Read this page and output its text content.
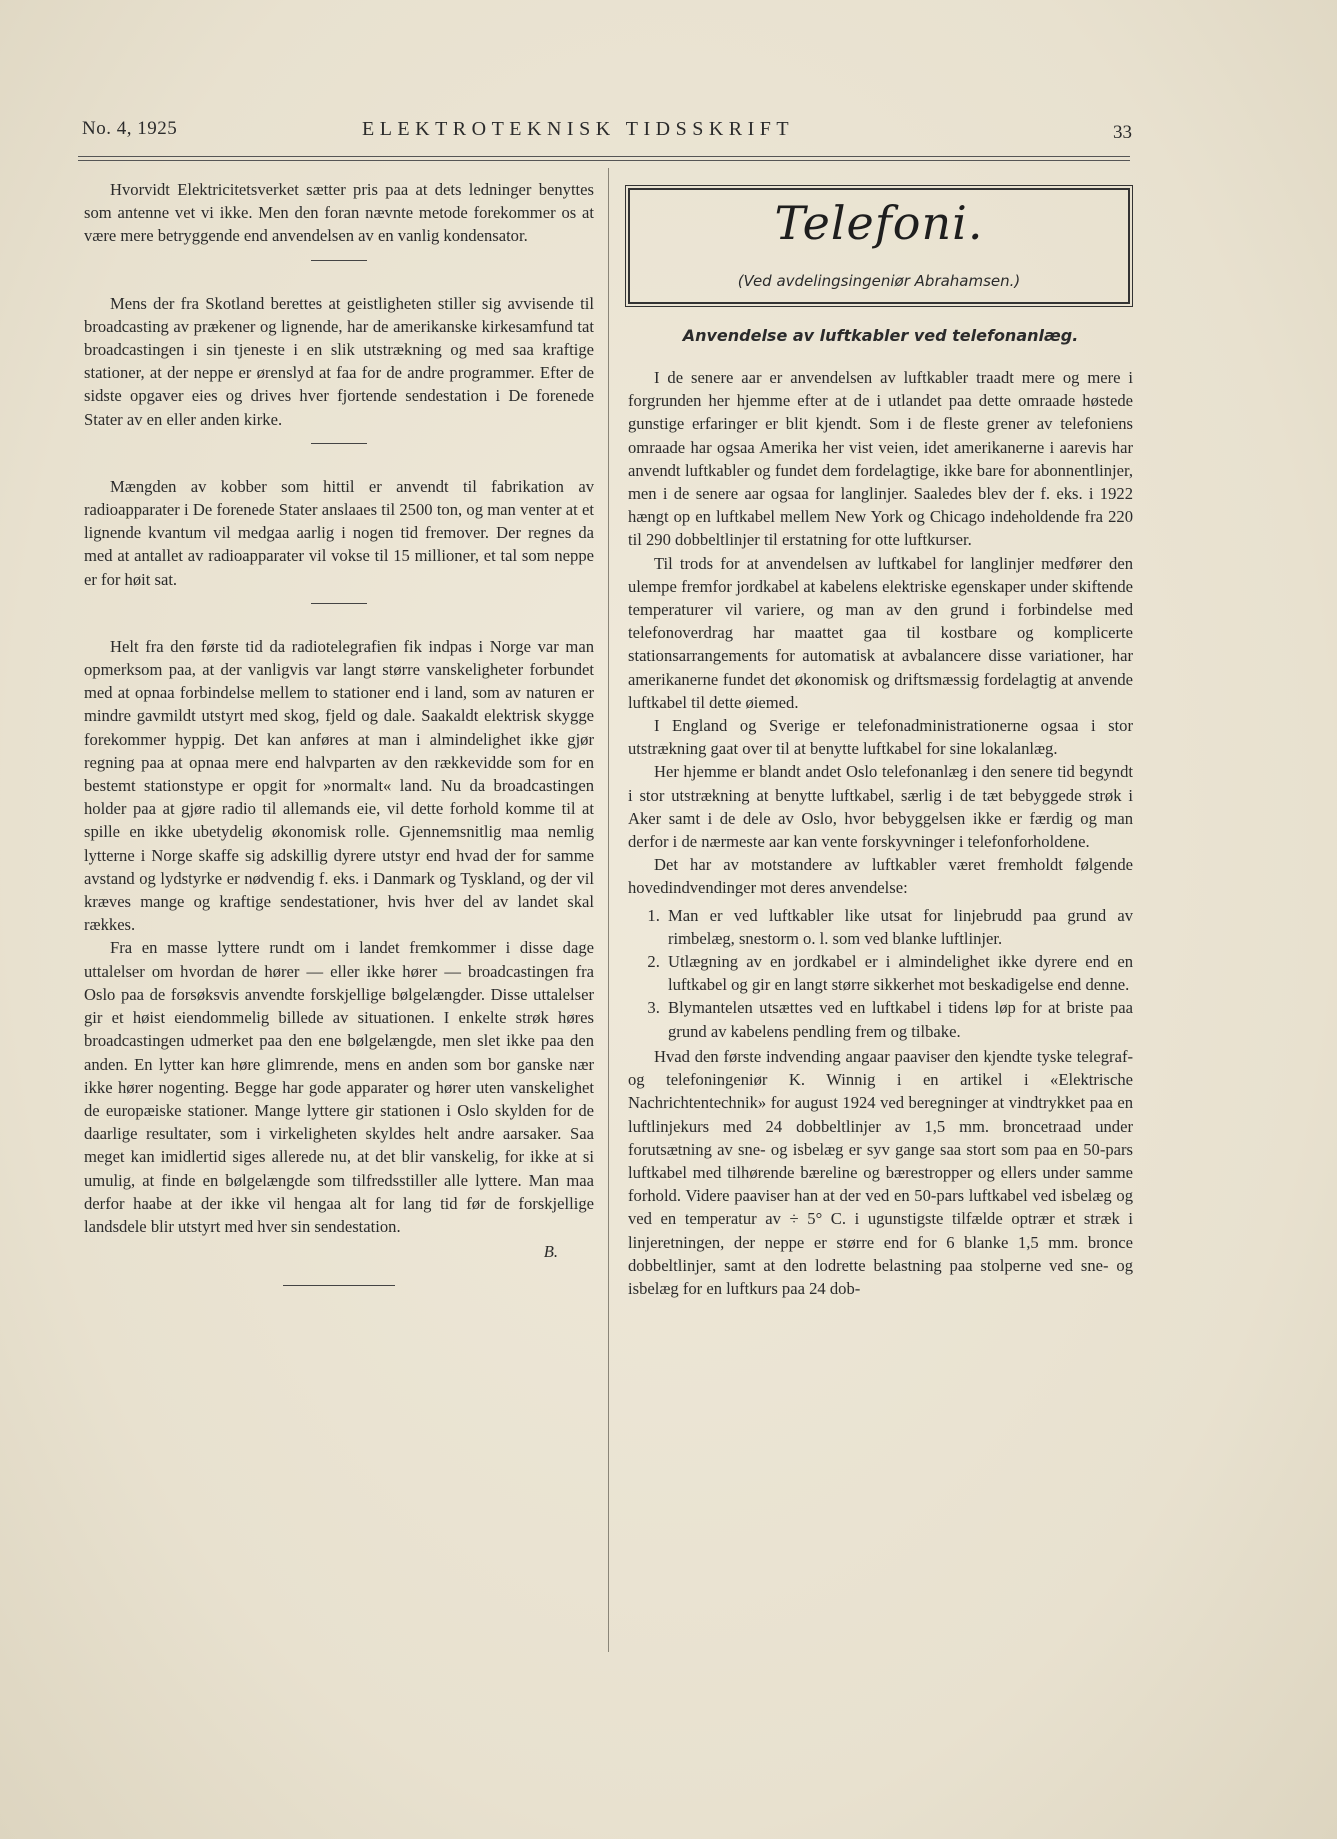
No. 4, 1925	ELEKTROTEKNISK TIDSSKRIFT	33

Hvorvidt Elektricitetsverket sætter pris paa at dets ledninger benyttes som antenne vet vi ikke. Men den foran nævnte metode forekommer os at være mere betryggende end anvendelsen av en vanlig kondensator.

Mens der fra Skotland berettes at geistligheten stiller sig avvisende til broadcasting av prækener og lignende, har de amerikanske kirkesamfund tat broadcastingen i sin tjeneste i en slik utstrækning og med saa kraftige stationer, at der neppe er ørenslyd at faa for de andre programmer. Efter de sidste opgaver eies og drives hver fjortende sendestation i De forenede Stater av en eller anden kirke.

Mængden av kobber som hittil er anvendt til fabrikation av radioapparater i De forenede Stater anslaaes til 2500 ton, og man venter at et lignende kvantum vil medgaa aarlig i nogen tid fremover. Der regnes da med at antallet av radioapparater vil vokse til 15 millioner, et tal som neppe er for høit sat.

Helt fra den første tid da radiotelegrafien fik indpas i Norge var man opmerksom paa, at der vanligvis var langt større vanskeligheter forbundet med at opnaa forbindelse mellem to stationer end i land, som av naturen er mindre gavmildt utstyrt med skog, fjeld og dale. Saakaldt elektrisk skygge forekommer hyppig. Det kan anføres at man i almindelighet ikke gjør regning paa at opnaa mere end halvparten av den rækkevidde som for en bestemt stationstype er opgit for »normalt« land. Nu da broadcastingen holder paa at gjøre radio til allemands eie, vil dette forhold komme til at spille en ikke ubetydelig økonomisk rolle. Gjennemsnitlig maa nemlig lytterne i Norge skaffe sig adskillig dyrere utstyr end hvad der for samme avstand og lydstyrke er nødvendig f. eks. i Danmark og Tyskland, og der vil kræves mange og kraftige sendestationer, hvis hver del av landet skal rækkes.

Fra en masse lyttere rundt om i landet fremkommer i disse dage uttalelser om hvordan de hører — eller ikke hører — broadcastingen fra Oslo paa de forsøksvis anvendte forskjellige bølgelængder. Disse uttalelser gir et høist eiendommelig billede av situationen. I enkelte strøk høres broadcastingen udmerket paa den ene bølgelængde, men slet ikke paa den anden. En lytter kan høre glimrende, mens en anden som bor ganske nær ikke hører nogenting. Begge har gode apparater og hører uten vanskelighet de europæiske stationer. Mange lyttere gir stationen i Oslo skylden for de daarlige resultater, som i virkeligheten skyldes helt andre aarsaker. Saa meget kan imidlertid siges allerede nu, at det blir vanskelig, for ikke at si umulig, at finde en bølgelængde som tilfredsstiller alle lyttere. Man maa derfor haabe at der ikke vil hengaa alt for lang tid før de forskjellige landsdele blir utstyrt med hver sin sendestation.

B.
Telefoni.
(Ved avdelingsingeniør Abrahamsen.)
Anvendelse av luftkabler ved telefonanlæg.

I de senere aar er anvendelsen av luftkabler traadt mere og mere i forgrunden her hjemme efter at de i utlandet paa dette omraade høstede gunstige erfaringer er blit kjendt. Som i de fleste grener av telefoniens omraade har ogsaa Amerika her vist veien, idet amerikanerne i aarevis har anvendt luftkabler og fundet dem fordelagtige, ikke bare for abonnentlinjer, men i de senere aar ogsaa for langlinjer. Saaledes blev der f. eks. i 1922 hængt op en luftkabel mellem New York og Chicago indeholdende fra 220 til 290 dobbeltlinjer til erstatning for otte luftkurser.

Til trods for at anvendelsen av luftkabel for langlinjer medfører den ulempe fremfor jordkabel at kabelens elektriske egenskaper under skiftende temperaturer vil variere, og man av den grund i forbindelse med telefonoverdrag har maattet gaa til kostbare og komplicerte stationsarrangements for automatisk at avbalancere disse variationer, har amerikanerne fundet det økonomisk og driftsmæssig fordelagtig at anvende luftkabel til dette øiemed.

I England og Sverige er telefonadministrationerne ogsaa i stor utstrækning gaat over til at benytte luftkabel for sine lokalanlæg.

Her hjemme er blandt andet Oslo telefonanlæg i den senere tid begyndt i stor utstrækning at benytte luftkabel, særlig i de tæt bebyggede strøk i Aker samt i de dele av Oslo, hvor bebyggelsen ikke er færdig og man derfor i de nærmeste aar kan vente forskyvninger i telefonforholdene.

Det har av motstandere av luftkabler været fremholdt følgende hovedindvendinger mot deres anvendelse:

1. Man er ved luftkabler like utsat for linjebrudd paa grund av rimbelæg, snestorm o. l. som ved blanke luftlinjer.
2. Utlægning av en jordkabel er i almindelighet ikke dyrere end en luftkabel og gir en langt større sikkerhet mot beskadigelse end denne.
3. Blymantelen utsættes ved en luftkabel i tidens løp for at briste paa grund av kabelens pendling frem og tilbake.

Hvad den første indvending angaar paaviser den kjendte tyske telegraf- og telefoningeniør K. Winnig i en artikel i «Elektrische Nachrichtentechnik» for august 1924 ved beregninger at vindtrykket paa en luftlinjekurs med 24 dobbeltlinjer av 1,5 mm. broncetraad under forutsætning av sne- og isbelæg er syv gange saa stort som paa en 50-pars luftkabel med tilhørende bæreline og bærestropper og ellers under samme forhold. Videre paaviser han at der ved en 50-pars luftkabel ved isbelæg og ved en temperatur av ÷ 5° C. i ugunstigste tilfælde optrær et stræk i linjeretningen, der neppe er større end for 6 blanke 1,5 mm. bronce dobbeltlinjer, samt at den lodrette belastning paa stolperne ved sne- og isbelæg for en luftkurs paa 24 dob-
